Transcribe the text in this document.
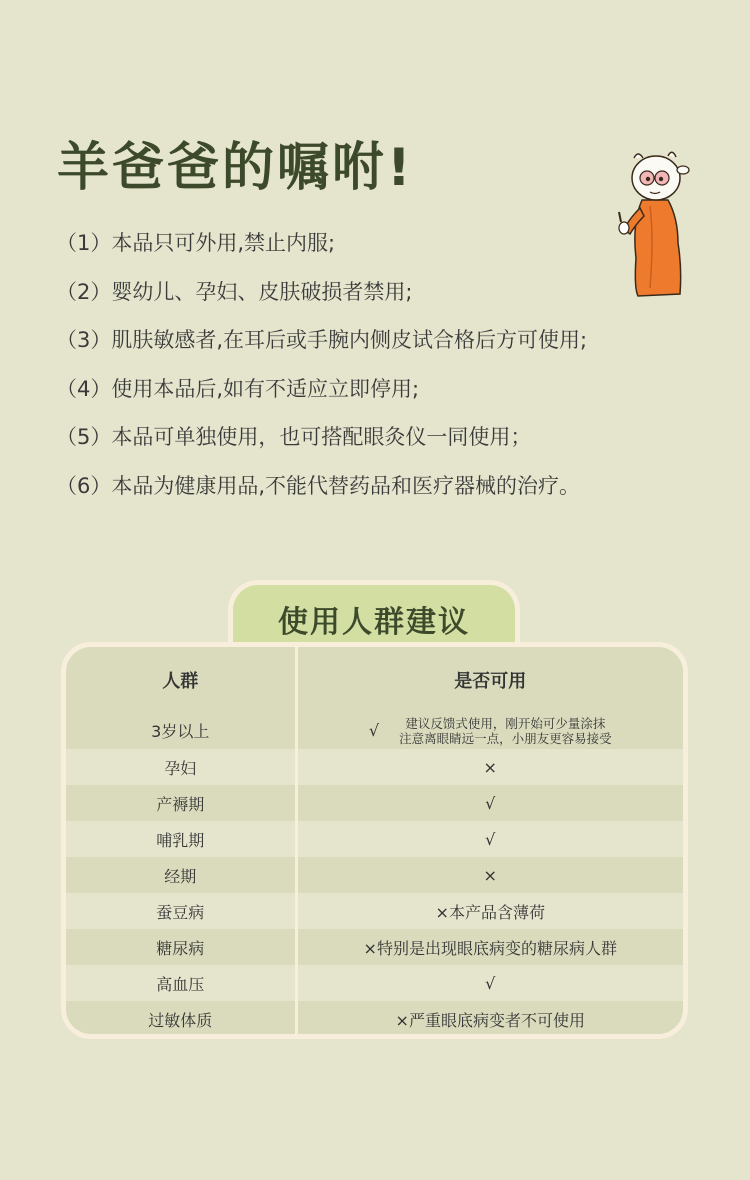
羊爸爸的嘱咐!
（1）本品只可外用,禁止内服;
（2）婴幼儿、孕妇、皮肤破损者禁用;
（3）肌肤敏感者,在耳后或手腕内侧皮试合格后方可使用;
（4）使用本品后,如有不适应立即停用;
（5）本品可单独使用，也可搭配眼灸仪一同使用；
（6）本品为健康用品,不能代替药品和医疗器械的治疗。
使用人群建议
人群	是否可用
3岁以上	√ 建议反馈式使用，刚开始可少量涂抹
注意离眼睛远一点，小朋友更容易接受

孕妇	×
产褥期	√
哺乳期	√
经期	×
蚕豆病	×本产品含薄荷
糖尿病	×特别是出现眼底病变的糖尿病人群
高血压	√
过敏体质	×严重眼底病变者不可使用
